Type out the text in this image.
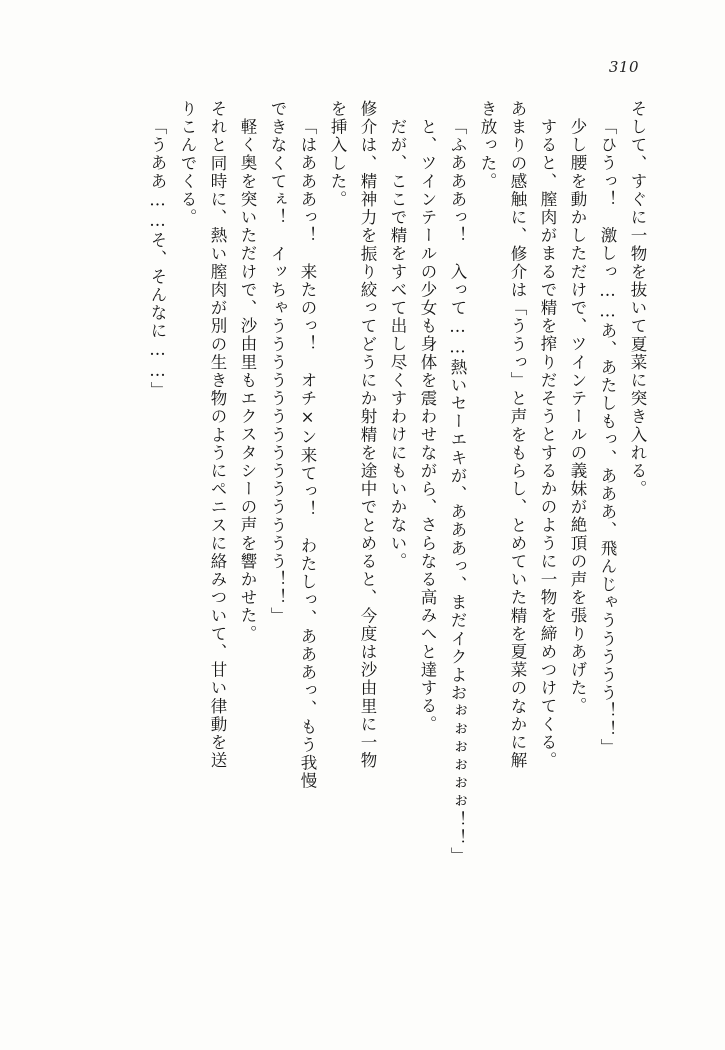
310
そして、すぐに一物を抜いて夏菜に突き入れる。
「ひうっ！　激しっ……あ、あたしもっ、あああ、飛んじゃううううう！！」
少し腰を動かしただけで、ツインテールの義妹が絶頂の声を張りあげた。
すると、膣肉がまるで精を搾りだそうとするかのように一物を締めつけてくる。
あまりの感触に、修介は「ううっ」と声をもらし、とめていた精を夏菜のなかに解
き放った。
「ふあああっ！　入って……熱いセーエキが、あああっ、まだイクよおぉぉぉぉぉぉ！！」
と、ツインテールの少女も身体を震わせながら、さらなる高みへと達する。
だが、ここで精をすべて出し尽くすわけにもいかない。
修介は、精神力を振り絞ってどうにか射精を途中でとめると、今度は沙由里に一物
を挿入した。
「はあああっ！　来たのっ！　オチ×ン来てっ！　わたしっ、あああっ、もう我慢
できなくてぇ！　イッちゃうううううううううううううう！！」
軽く奥を突いただけで、沙由里もエクスタシーの声を響かせた。
それと同時に、熱い膣肉が別の生き物のようにペニスに絡みついて、甘い律動を送
りこんでくる。
「うああ……そ、そんなに……」
